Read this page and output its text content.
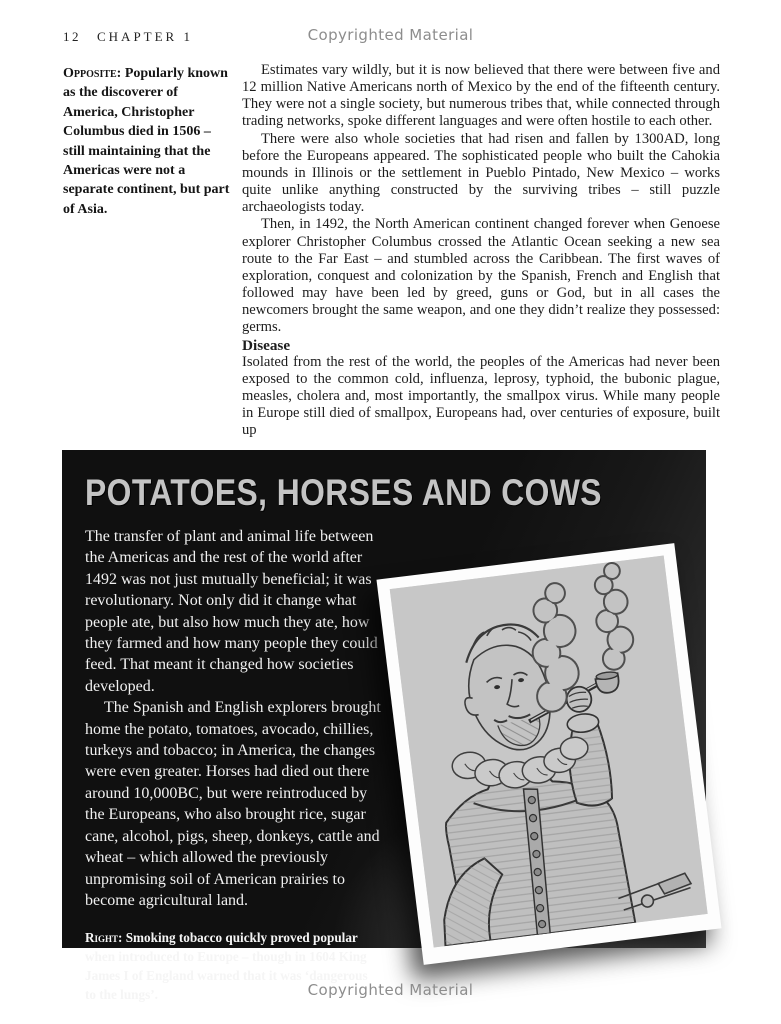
12 CHAPTER 1	Copyrighted Material
Opposite: Popularly known as the discoverer of America, Christopher Columbus died in 1506 – still maintaining that the Americas were not a separate continent, but part of Asia.

Estimates vary wildly, but it is now believed that there were between five and 12 million Native Americans north of Mexico by the end of the fifteenth century. They were not a single society, but numerous tribes that, while connected through trading networks, spoke different languages and were often hostile to each other.

There were also whole societies that had risen and fallen by 1300AD, long before the Europeans appeared. The sophisticated people who built the Cahokia mounds in Illinois or the settlement in Pueblo Pintado, New Mexico – works quite unlike anything constructed by the surviving tribes – still puzzle archaeologists today.

Then, in 1492, the North American continent changed forever when Genoese explorer Christopher Columbus crossed the Atlantic Ocean seeking a new sea route to the Far East – and stumbled across the Caribbean. The first waves of exploration, conquest and colonization by the Spanish, French and English that followed may have been led by greed, guns or God, but in all cases the newcomers brought the same weapon, and one they didn’t realize they possessed: germs.

Disease

Isolated from the rest of the world, the peoples of the Americas had never been exposed to the common cold, influenza, leprosy, typhoid, the bubonic plague, measles, cholera and, most importantly, the smallpox virus. While many people in Europe still died of smallpox, Europeans had, over centuries of exposure, built up

POTATOES, HORSES AND COWS

The transfer of plant and animal life between the Americas and the rest of the world after 1492 was not just mutually beneficial; it was revolutionary. Not only did it change what people ate, but also how much they ate, how they farmed and how many people they could feed. That meant it changed how societies developed.

The Spanish and English explorers brought home the potato, tomatoes, avocado, chillies, turkeys and tobacco; in America, the changes were even greater. Horses had died out there around 10,000BC, but were reintroduced by the Europeans, who also brought rice, sugar cane, alcohol, pigs, sheep, donkeys, cattle and wheat – which allowed the previously unpromising soil of American prairies to become agricultural land.

Right: Smoking tobacco quickly proved popular when introduced to Europe – though in 1604 King James I of England warned that it was ‘dangerous to the lungs’.	Copyrighted Material
